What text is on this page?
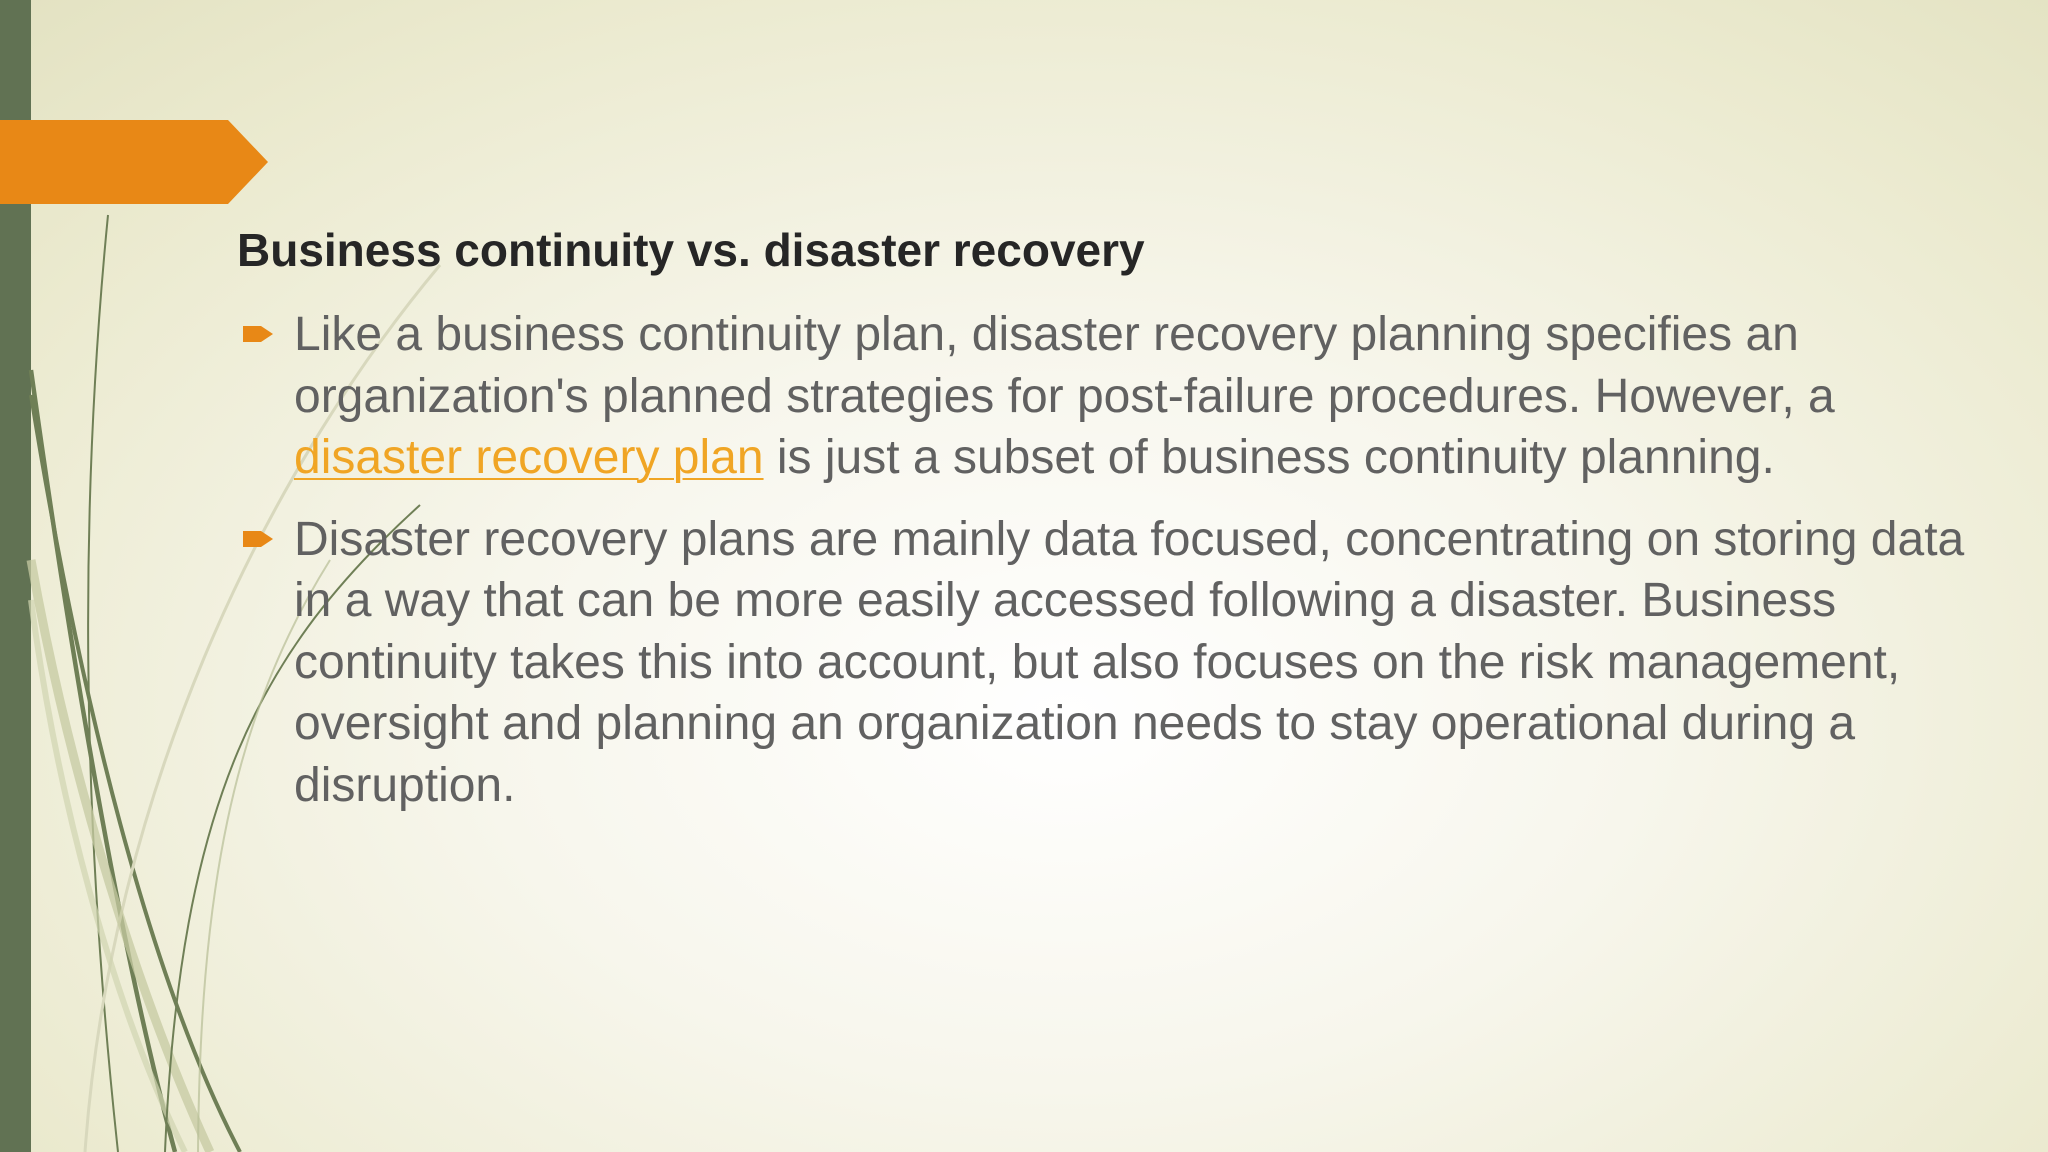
Business continuity vs. disaster recovery

Like a business continuity plan, disaster recovery planning specifies an organization's planned strategies for post-failure procedures. However, a disaster recovery plan is just a subset of business continuity planning.

Disaster recovery plans are mainly data focused, concentrating on storing data in a way that can be more easily accessed following a disaster. Business continuity takes this into account, but also focuses on the risk management, oversight and planning an organization needs to stay operational during a disruption.
